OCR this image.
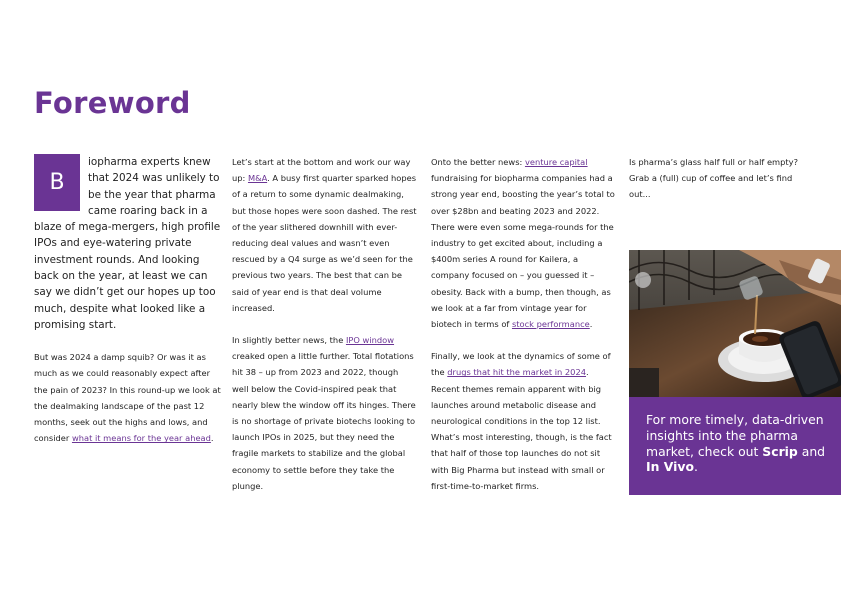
Foreword

B
iopharma experts knew that 2024 was unlikely to be the year that pharma came roaring back in a blaze of mega-mergers, high profile IPOs and eye-watering private investment rounds. And looking back on the year, at least we can say we didn’t get our hopes up too much, despite what looked like a promising start.

But was 2024 a damp squib? Or was it as much as we could reasonably expect after the pain of 2023? In this round-up we look at the dealmaking landscape of the past 12 months, seek out the highs and lows, and consider what it means for the year ahead.

Let’s start at the bottom and work our way up: M&A. A busy first quarter sparked hopes of a return to some dynamic dealmaking, but those hopes were soon dashed. The rest of the year slithered downhill with ever-reducing deal values and wasn’t even rescued by a Q4 surge as we’d seen for the previous two years. The best that can be said of year end is that deal volume increased.

In slightly better news, the IPO window creaked open a little further. Total flotations hit 38 – up from 2023 and 2022, though well below the Covid-inspired peak that nearly blew the window off its hinges. There is no shortage of private biotechs looking to launch IPOs in 2025, but they need the fragile markets to stabilize and the global economy to settle before they take the plunge.

Onto the better news: venture capital fundraising for biopharma companies had a strong year end, boosting the year’s total to over $28bn and beating 2023 and 2022. There were even some mega-rounds for the industry to get excited about, including a $400m series A round for Kailera, a company focused on – you guessed it – obesity. Back with a bump, then though, as we look at a far from vintage year for biotech in terms of stock performance.

Finally, we look at the dynamics of some of the drugs that hit the market in 2024. Recent themes remain apparent with big launches around metabolic disease and neurological conditions in the top 12 list. What’s most interesting, though, is the fact that half of those top launches do not sit with Big Pharma but instead with small or first-time-to-market firms.

Is pharma’s glass half full or half empty? Grab a (full) cup of coffee and let’s find out...

For more timely, data-driven insights into the pharma market, check out Scrip and In Vivo.
